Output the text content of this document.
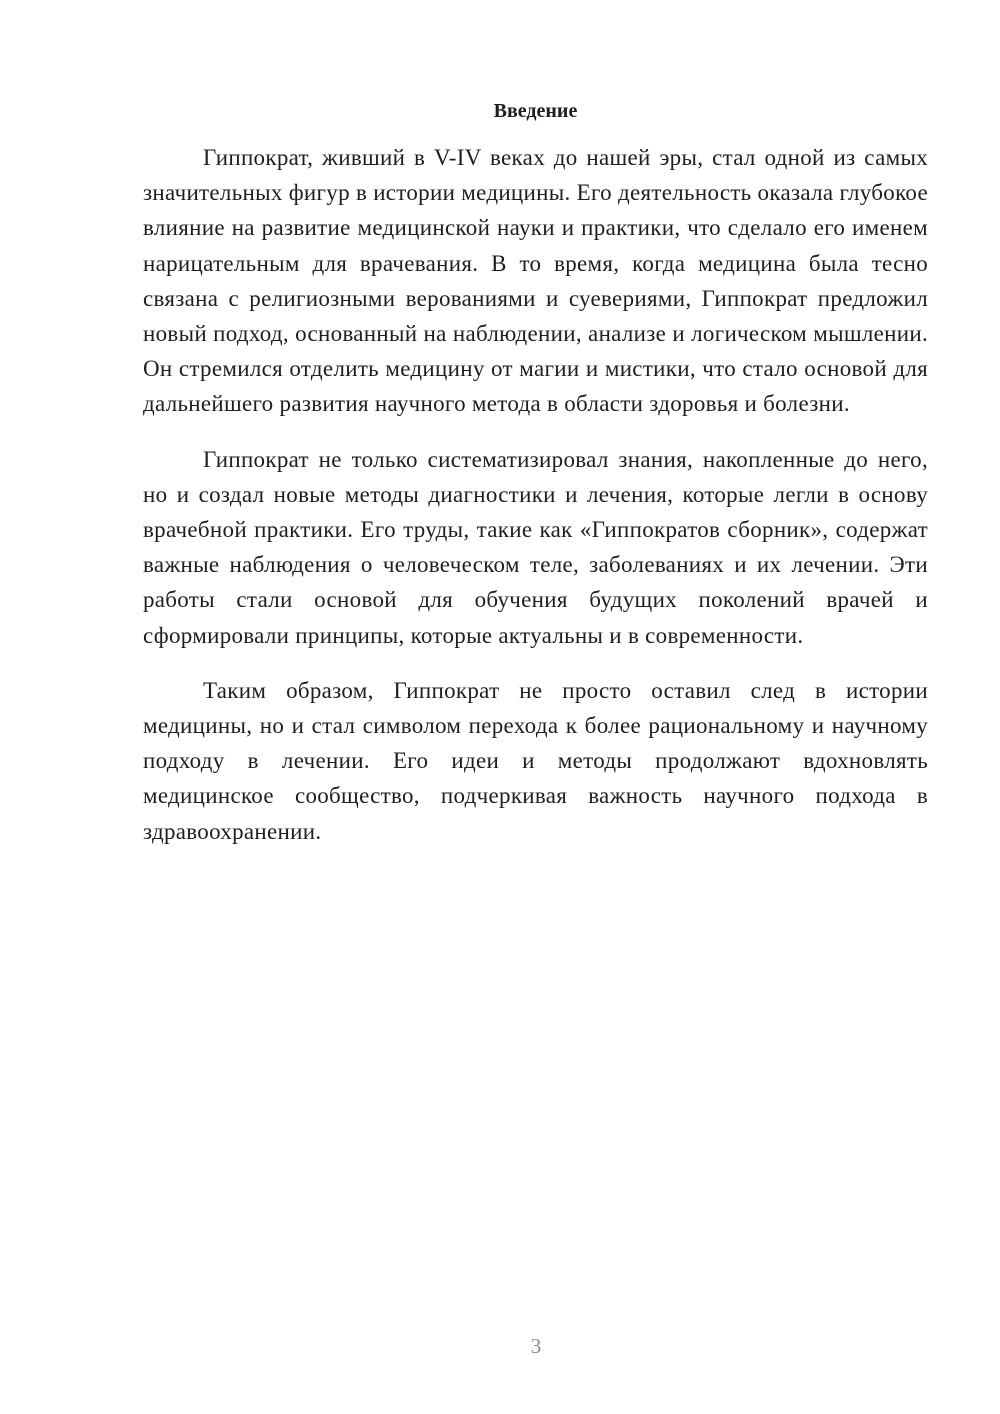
Введение

Гиппократ, живший в V-IV веках до нашей эры, стал одной из самых значительных фигур в истории медицины. Его деятельность оказала глубокое влияние на развитие медицинской науки и практики, что сделало его именем нарицательным для врачевания. В то время, когда медицина была тесно связана с религиозными верованиями и суевериями, Гиппократ предложил новый подход, основанный на наблюдении, анализе и логическом мышлении. Он стремился отделить медицину от магии и мистики, что стало основой для дальнейшего развития научного метода в области здоровья и болезни.

Гиппократ не только систематизировал знания, накопленные до него, но и создал новые методы диагностики и лечения, которые легли в основу врачебной практики. Его труды, такие как «Гиппократов сборник», содержат важные наблюдения о человеческом теле, заболеваниях и их лечении. Эти работы стали основой для обучения будущих поколений врачей и сформировали принципы, которые актуальны и в современности.

Таким образом, Гиппократ не просто оставил след в истории медицины, но и стал символом перехода к более рациональному и научному подходу в лечении. Его идеи и методы продолжают вдохновлять медицинское сообщество, подчеркивая важность научного подхода в здравоохранении.

3
